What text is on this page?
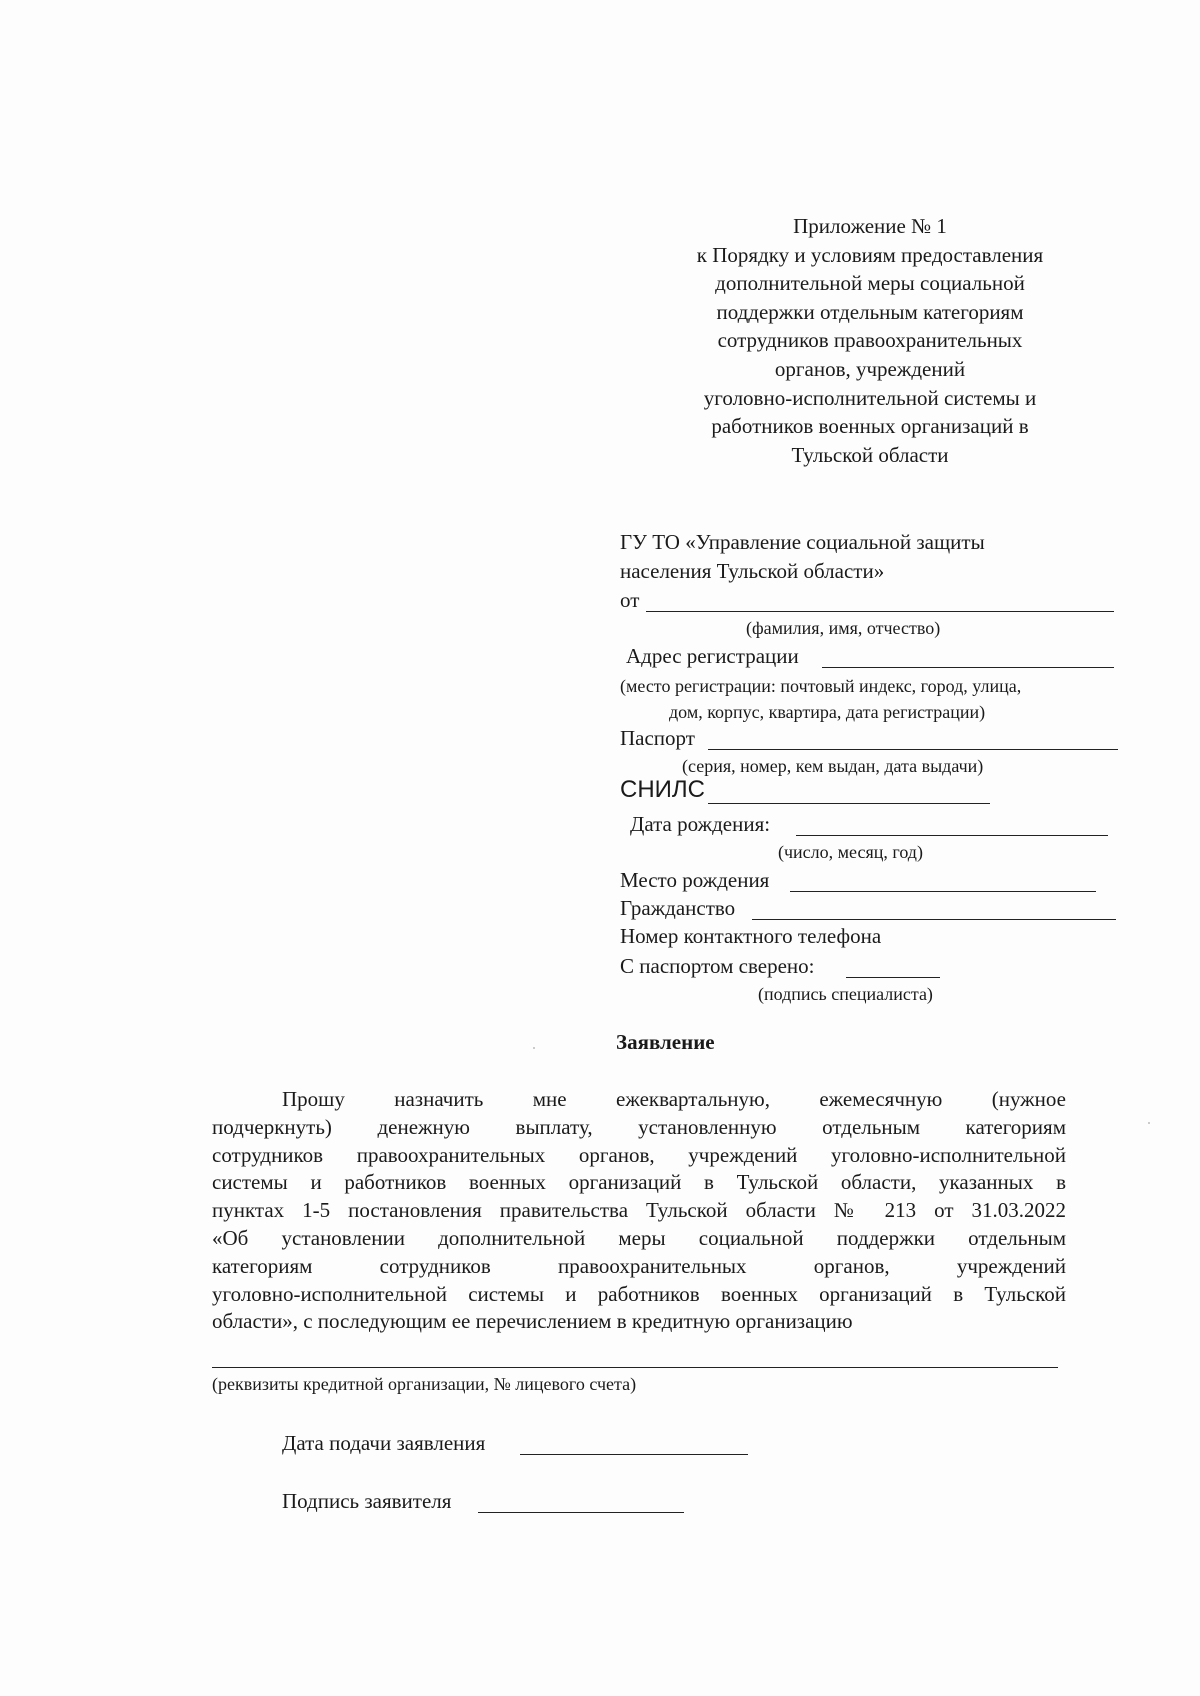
Приложение № 1
к Порядку и условиям предоставления
дополнительной меры социальной
поддержки отдельным категориям
сотрудников правоохранительных
органов, учреждений
уголовно-исполнительной системы и
работников военных организаций в
Тульской области
ГУ ТО «Управление социальной защиты
населения Тульской области»
от
(фамилия, имя, отчество)
Адрес регистрации
(место регистрации: почтовый индекс, город, улица,
дом, корпус, квартира, дата регистрации)
Паспорт
(серия, номер, кем выдан, дата выдачи)
СНИЛС
Дата рождения:
(число, месяц, год)
Место рождения
Гражданство
Номер контактного телефона
С паспортом сверено:
(подпись специалиста)
Заявление
Прошу назначить мне ежеквартальную, ежемесячную (нужное
подчеркнуть) денежную выплату, установленную отдельным категориям
сотрудников правоохранительных органов, учреждений уголовно-исполнительной
системы и работников военных организаций в Тульской области, указанных в
пунктах 1-5 постановления правительства Тульской области № 213 от 31.03.2022
«Об установлении дополнительной меры социальной поддержки отдельным
категориям сотрудников правоохранительных органов, учреждений
уголовно-исполнительной системы и работников военных организаций в Тульской
области», с последующим ее перечислением в кредитную организацию
(реквизиты кредитной организации, № лицевого счета)
Дата подачи заявления
Подпись заявителя
